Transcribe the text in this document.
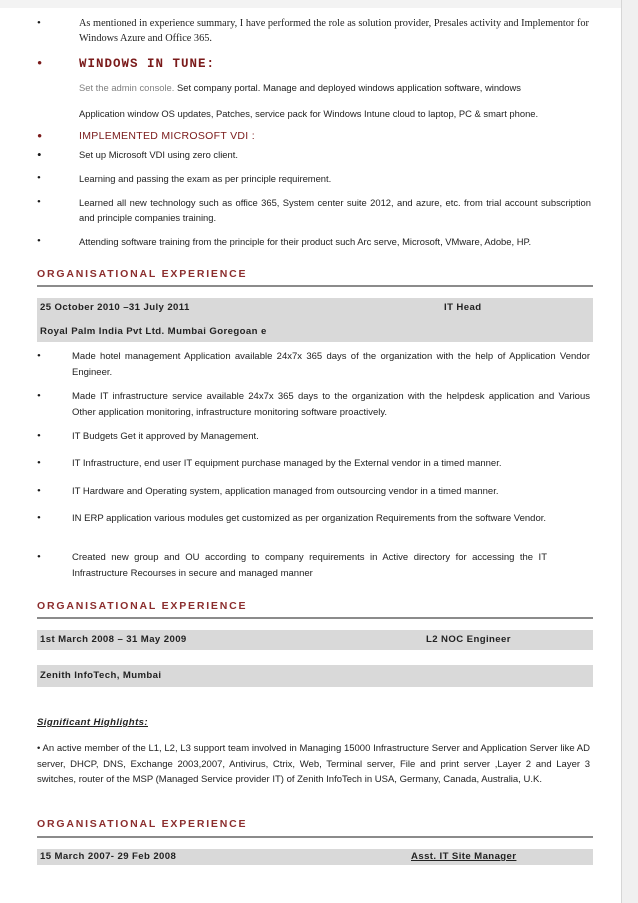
•	As mentioned in experience summary, I have performed the role as solution provider, Presales activity and Implementor for Windows Azure and Office 365.
•	WINDOWS IN TUNE:
Set the admin console. Set company portal. Manage and deployed windows application software, windows
Application window OS updates, Patches, service pack for Windows Intune cloud to laptop, PC & smart phone.
•	IMPLEMENTED MICROSOFT VDI :
•	Set up Microsoft VDI using zero client.
•	Learning and passing the exam as per principle requirement.
•	Learned all new technology such as office 365, System center suite 2012, and azure, etc. from trial account subscription and principle companies training.
•	Attending software training from the principle for their product such Arc serve, Microsoft, VMware, Adobe, HP.
ORGANISATIONAL EXPERIENCE
25 October 2010 –31 July 2011	IT Head
Royal Palm India Pvt Ltd. Mumbai Goregoan e
•	Made hotel management Application available 24x7x 365 days of the organization with the help of Application Vendor Engineer.
•	Made IT infrastructure service available 24x7x 365 days to the organization with the helpdesk application and Various Other application monitoring, infrastructure monitoring software proactively.
•	IT Budgets Get it approved by Management.
•	IT Infrastructure, end user IT equipment purchase managed by the External vendor in a timed manner.
•	IT Hardware and Operating system, application managed from outsourcing vendor in a timed manner.
•	IN ERP application various modules get customized as per organization Requirements from the software Vendor.
•	Created new group and OU according to company requirements in Active directory for accessing the IT Infrastructure Recourses in secure and managed manner
ORGANISATIONAL EXPERIENCE
1st March 2008 – 31 May 2009	L2 NOC Engineer
Zenith InfoTech, Mumbai
Significant Highlights:
• An active member of the L1, L2, L3 support team involved in Managing 15000 Infrastructure Server and Application Server like AD server, DHCP, DNS, Exchange 2003,2007, Antivirus, Ctrix, Web, Terminal server, File and print server ,Layer 2 and Layer 3 switches, router of the MSP (Managed Service provider IT) of Zenith InfoTech in USA, Germany, Canada, Australia, U.K.
ORGANISATIONAL EXPERIENCE
15 March 2007- 29 Feb 2008	Asst. IT Site Manager
